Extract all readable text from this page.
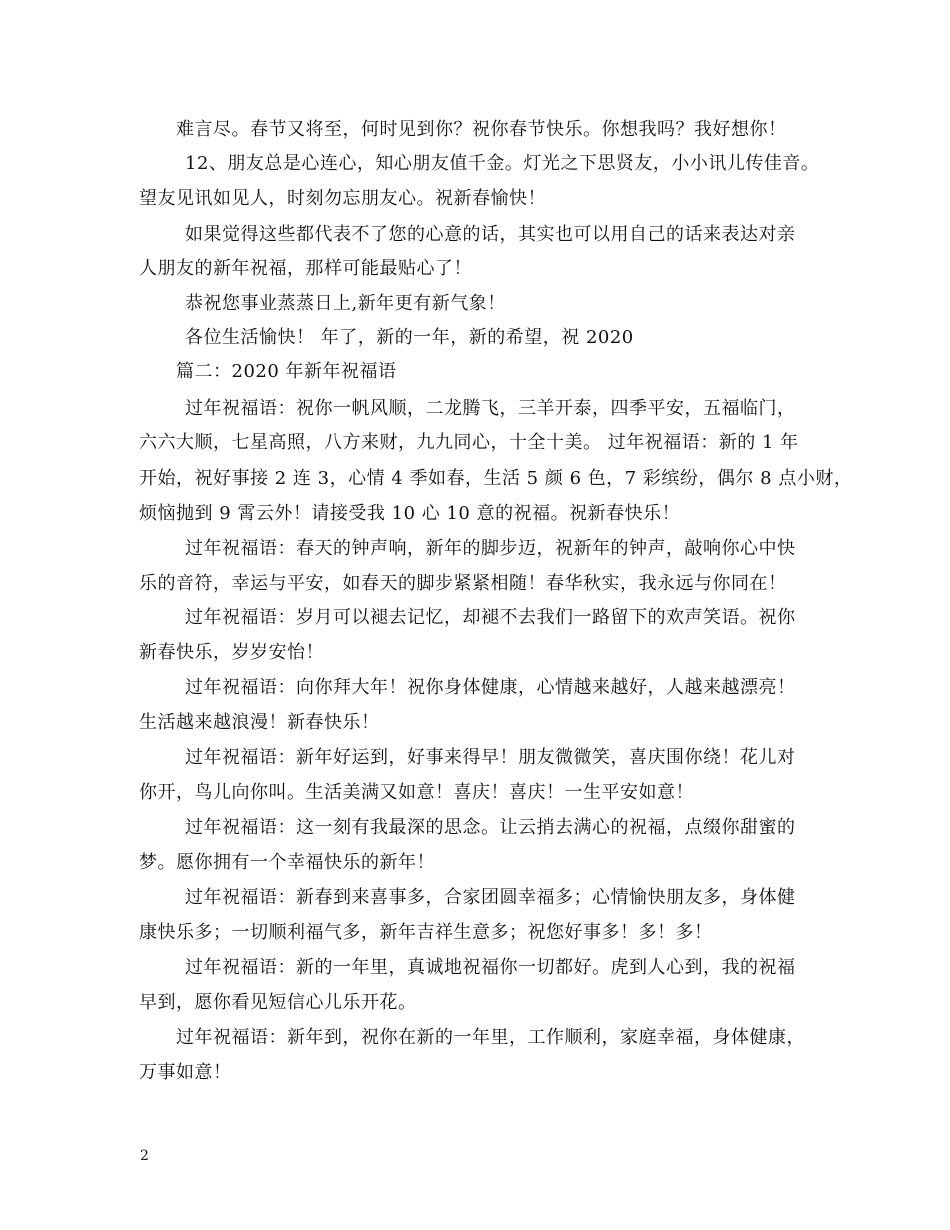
难言尽。春节又将至，何时见到你？祝你春节快乐。你想我吗？我好想你！
12、朋友总是心连心，知心朋友值千金。灯光之下思贤友，小小讯儿传佳音。
望友见讯如见人，时刻勿忘朋友心。祝新春愉快！
如果觉得这些都代表不了您的心意的话，其实也可以用自己的话来表达对亲
人朋友的新年祝福，那样可能最贴心了！
恭祝您事业蒸蒸日上,新年更有新气象！
各位生活愉快！ 年了，新的一年，新的希望，祝 2020
篇二：2020 年新年祝福语
过年祝福语：祝你一帆风顺，二龙腾飞，三羊开泰，四季平安，五福临门，
六六大顺，七星高照，八方来财，九九同心，十全十美。 过年祝福语：新的 1 年
开始，祝好事接 2 连 3，心情 4 季如春，生活 5 颜 6 色，7 彩缤纷，偶尔 8 点小财，
烦恼抛到 9 霄云外！请接受我 10 心 10 意的祝福。祝新春快乐！
过年祝福语：春天的钟声响，新年的脚步迈，祝新年的钟声，敲响你心中快
乐的音符，幸运与平安，如春天的脚步紧紧相随！春华秋实，我永远与你同在！
过年祝福语：岁月可以褪去记忆，却褪不去我们一路留下的欢声笑语。祝你
新春快乐，岁岁安怡！
过年祝福语：向你拜大年！祝你身体健康，心情越来越好，人越来越漂亮！
生活越来越浪漫！新春快乐！
过年祝福语：新年好运到，好事来得早！朋友微微笑，喜庆围你绕！花儿对
你开，鸟儿向你叫。生活美满又如意！喜庆！喜庆！一生平安如意！
过年祝福语：这一刻有我最深的思念。让云捎去满心的祝福，点缀你甜蜜的
梦。愿你拥有一个幸福快乐的新年！
过年祝福语：新春到来喜事多，合家团圆幸福多；心情愉快朋友多，身体健
康快乐多；一切顺利福气多，新年吉祥生意多；祝您好事多！多！多！
过年祝福语：新的一年里，真诚地祝福你一切都好。虎到人心到，我的祝福
早到，愿你看见短信心儿乐开花。
过年祝福语：新年到，祝你在新的一年里，工作顺利，家庭幸福，身体健康，
万事如意！
2
